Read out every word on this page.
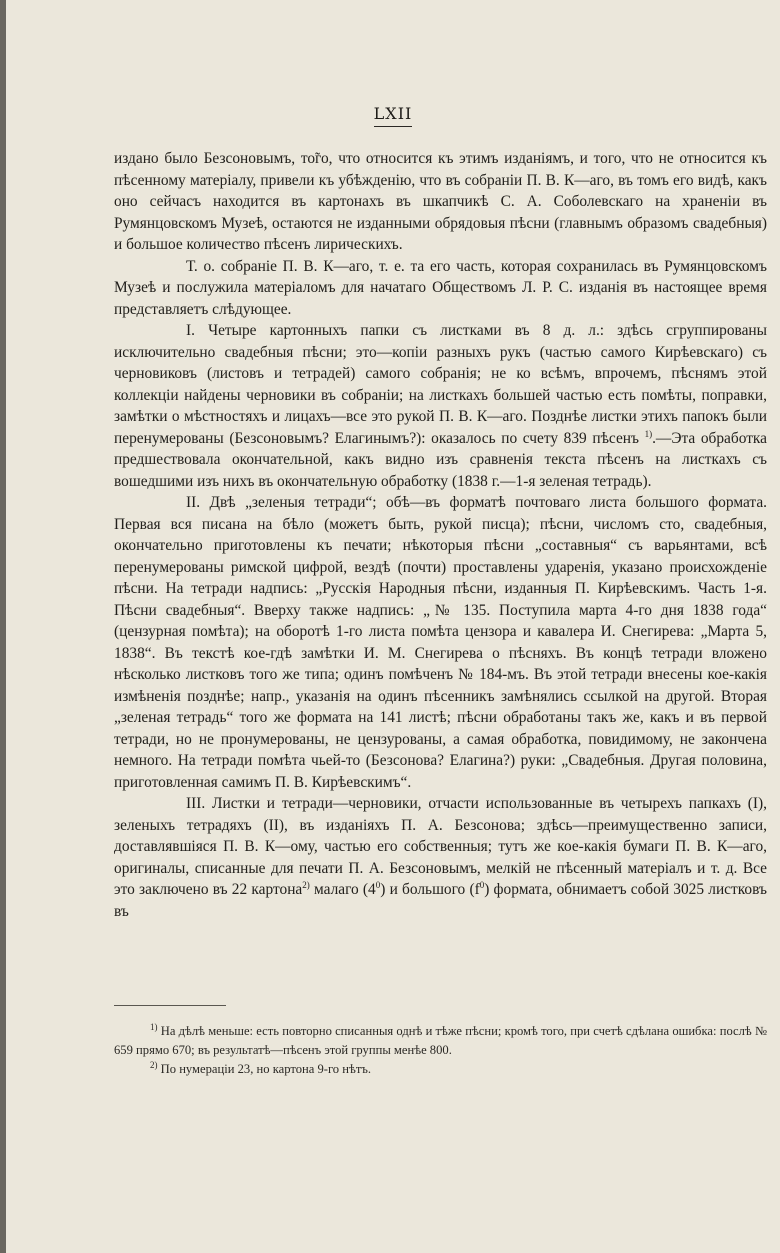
LXII

издано было Безсоновымъ, то̃го, что относится къ этимъ изданіямъ, и того, что не относится къ пѣсенному матеріалу, привели къ убѣжденію, что въ собраніи П. В. К—аго, въ томъ его видѣ, какъ оно сейчасъ находится въ картонахъ въ шкапчикѣ С. А. Соболевскаго на храненіи въ Румянцовскомъ Музеѣ, остаются не изданными обрядовыя пѣсни (главнымъ образомъ свадебныя) и большое количество пѣсенъ лирическихъ.

Т. о. собраніе П. В. К—аго, т. е. та его часть, которая сохранилась въ Румянцовскомъ Музеѣ и послужила матеріаломъ для начатаго Обществомъ Л. Р. С. изданія въ настоящее время представляетъ слѣдующее.

I. Четыре картонныхъ папки съ листками въ 8 д. л.: здѣсь сгруппированы исключительно свадебныя пѣсни; это—копіи разныхъ рукъ (частью самого Кирѣевскаго) съ черновиковъ (листовъ и тетрадей) самого собранія; не ко всѣмъ, впрочемъ, пѣснямъ этой коллекціи найдены черновики въ собраніи; на листкахъ большей частью есть помѣты, поправки, замѣтки о мѣстностяхъ и лицахъ—все это рукой П. В. К—аго. Позднѣе листки этихъ папокъ были перенумерованы (Безсоновымъ? Елагинымъ?): оказалось по счету 839 пѣсенъ $^{1)}$.—Эта обработка предшествовала окончательной, какъ видно изъ сравненія текста пѣсенъ на листкахъ съ вошедшими изъ нихъ въ окончательную обработку (1838 г.—1-я зеленая тетрадь).

II. Двѣ „зеленыя тетради“; обѣ—въ форматѣ почтоваго листа большого формата. Первая вся писана на бѣло (можетъ быть, рукой писца); пѣсни, числомъ сто, свадебныя, окончательно приготовлены къ печати; нѣкоторыя пѣсни „составныя“ съ варьянтами, всѣ перенумерованы римской цифрой, вездѣ (почти) проставлены ударенія, указано происхожденіе пѣсни. На тетради надпись: „Русскія Народныя пѣсни, изданныя П. Кирѣевскимъ. Часть 1-я. Пѣсни свадебныя“. Вверху также надпись: „№ 135. Поступила марта 4-го дня 1838 года“ (цензурная помѣта); на оборотѣ 1-го листа помѣта цензора и кавалера И. Снегирева: „Марта 5, 1838“. Въ текстѣ кое-гдѣ замѣтки И. М. Снегирева о пѣсняхъ. Въ концѣ тетради вложено нѣсколько листковъ того же типа; одинъ помѣченъ № 184-мъ. Въ этой тетради внесены кое-какія измѣненія позднѣе; напр., указанія на одинъ пѣсенникъ замѣнялись ссылкой на другой. Вторая „зеленая тетрадь“ того же формата на 141 листѣ; пѣсни обработаны такъ же, какъ и въ первой тетради, но не пронумерованы, не цензурованы, а самая обработка, повидимому, не закончена немного. На тетради помѣта чьей-то (Безсонова? Елагина?) руки: „Свадебныя. Другая половина, приготовленная самимъ П. В. Кирѣевскимъ“.

III. Листки и тетради—черновики, отчасти использованные въ четырехъ папкахъ (I), зеленыхъ тетрадяхъ (II), въ изданіяхъ П. А. Безсонова; здѣсь—преимущественно записи, доставлявшіяся П. В. К—ому, частью его собственныя; тутъ же кое-какія бумаги П. В. К—аго, оригиналы, списанные для печати П. А. Безсоновымъ, мелкій не пѣсенный матеріалъ и т. д. Все это заключено въ 22 картона$^{2)}$ малаго $(4^0)$ и большого $(f^0)$ формата, обнимаетъ собой 3025 листковъ въ

$^{1)}$ На дѣлѣ меньше: есть повторно списанныя однѣ и тѣже пѣсни; кромѣ того, при счетѣ сдѣлана ошибка: послѣ № 659 прямо 670; въ результатѣ—пѣсенъ этой группы менѣе 800.

$^{2)}$ По нумераціи 23, но картона 9-го нѣтъ.
